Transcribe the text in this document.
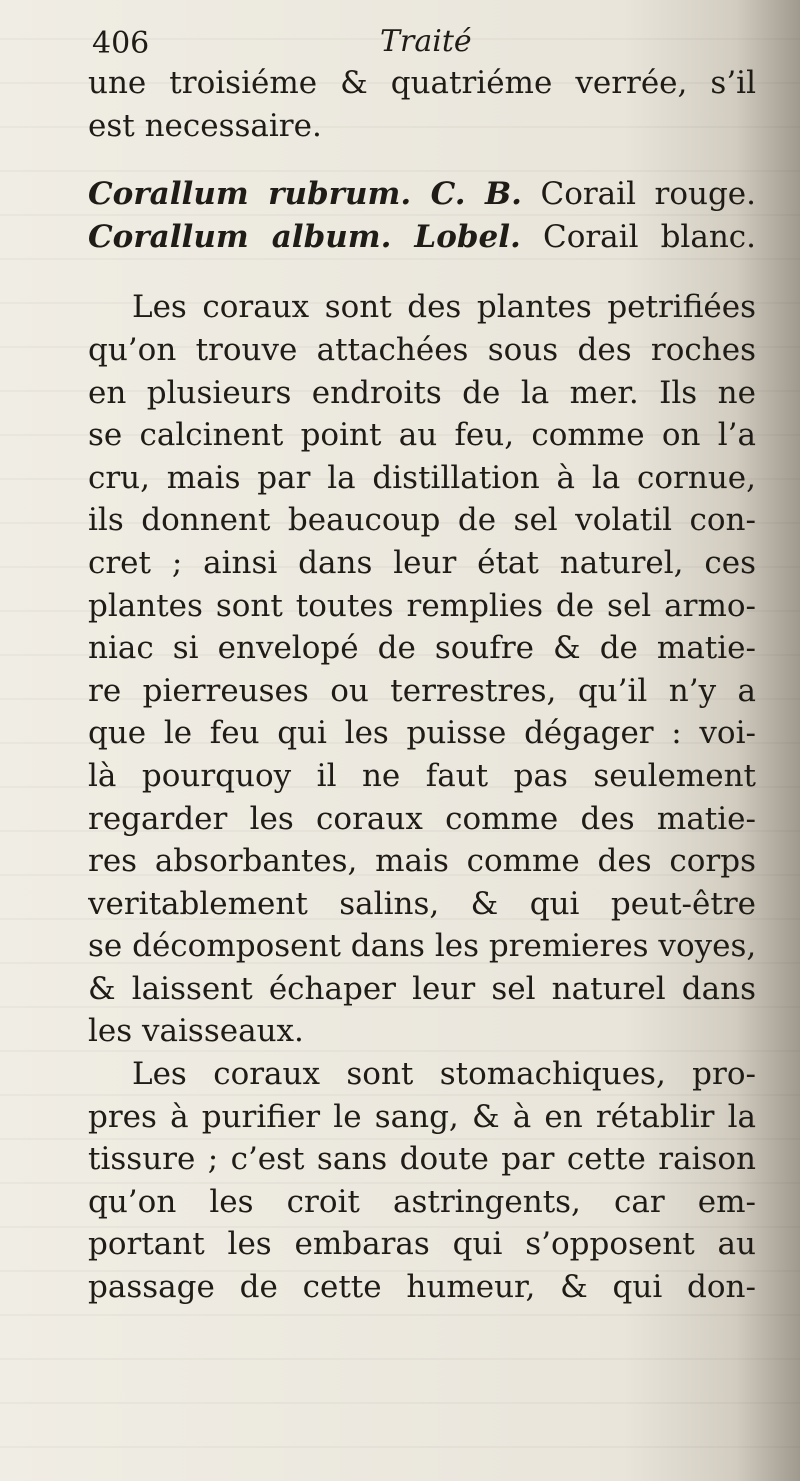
406	Traité
une troisiéme & quatriéme verrée, s’il
est necessaire.
Corallum rubrum. C. B. Corail rouge.
Corallum album. Lobel. Corail blanc.
Les coraux sont des plantes petrifiées
qu’on trouve attachées sous des roches
en plusieurs endroits de la mer. Ils ne
se calcinent point au feu, comme on l’a
cru, mais par la distillation à la cornue,
ils donnent beaucoup de sel volatil con-
cret ; ainsi dans leur état naturel, ces
plantes sont toutes remplies de sel armo-
niac si envelopé de soufre & de matie-
re pierreuses ou terrestres, qu’il n’y a
que le feu qui les puisse dégager : voi-
là pourquoy il ne faut pas seulement
regarder les coraux comme des matie-
res absorbantes, mais comme des corps
veritablement salins, & qui peut-être
se décomposent dans les premieres voyes,
& laissent échaper leur sel naturel dans
les vaisseaux.
Les coraux sont stomachiques, pro-
pres à purifier le sang, & à en rétablir la
tissure ; c’est sans doute par cette raison
qu’on les croit astringents, car em-
portant les embaras qui s’opposent au
passage de cette humeur, & qui don-
